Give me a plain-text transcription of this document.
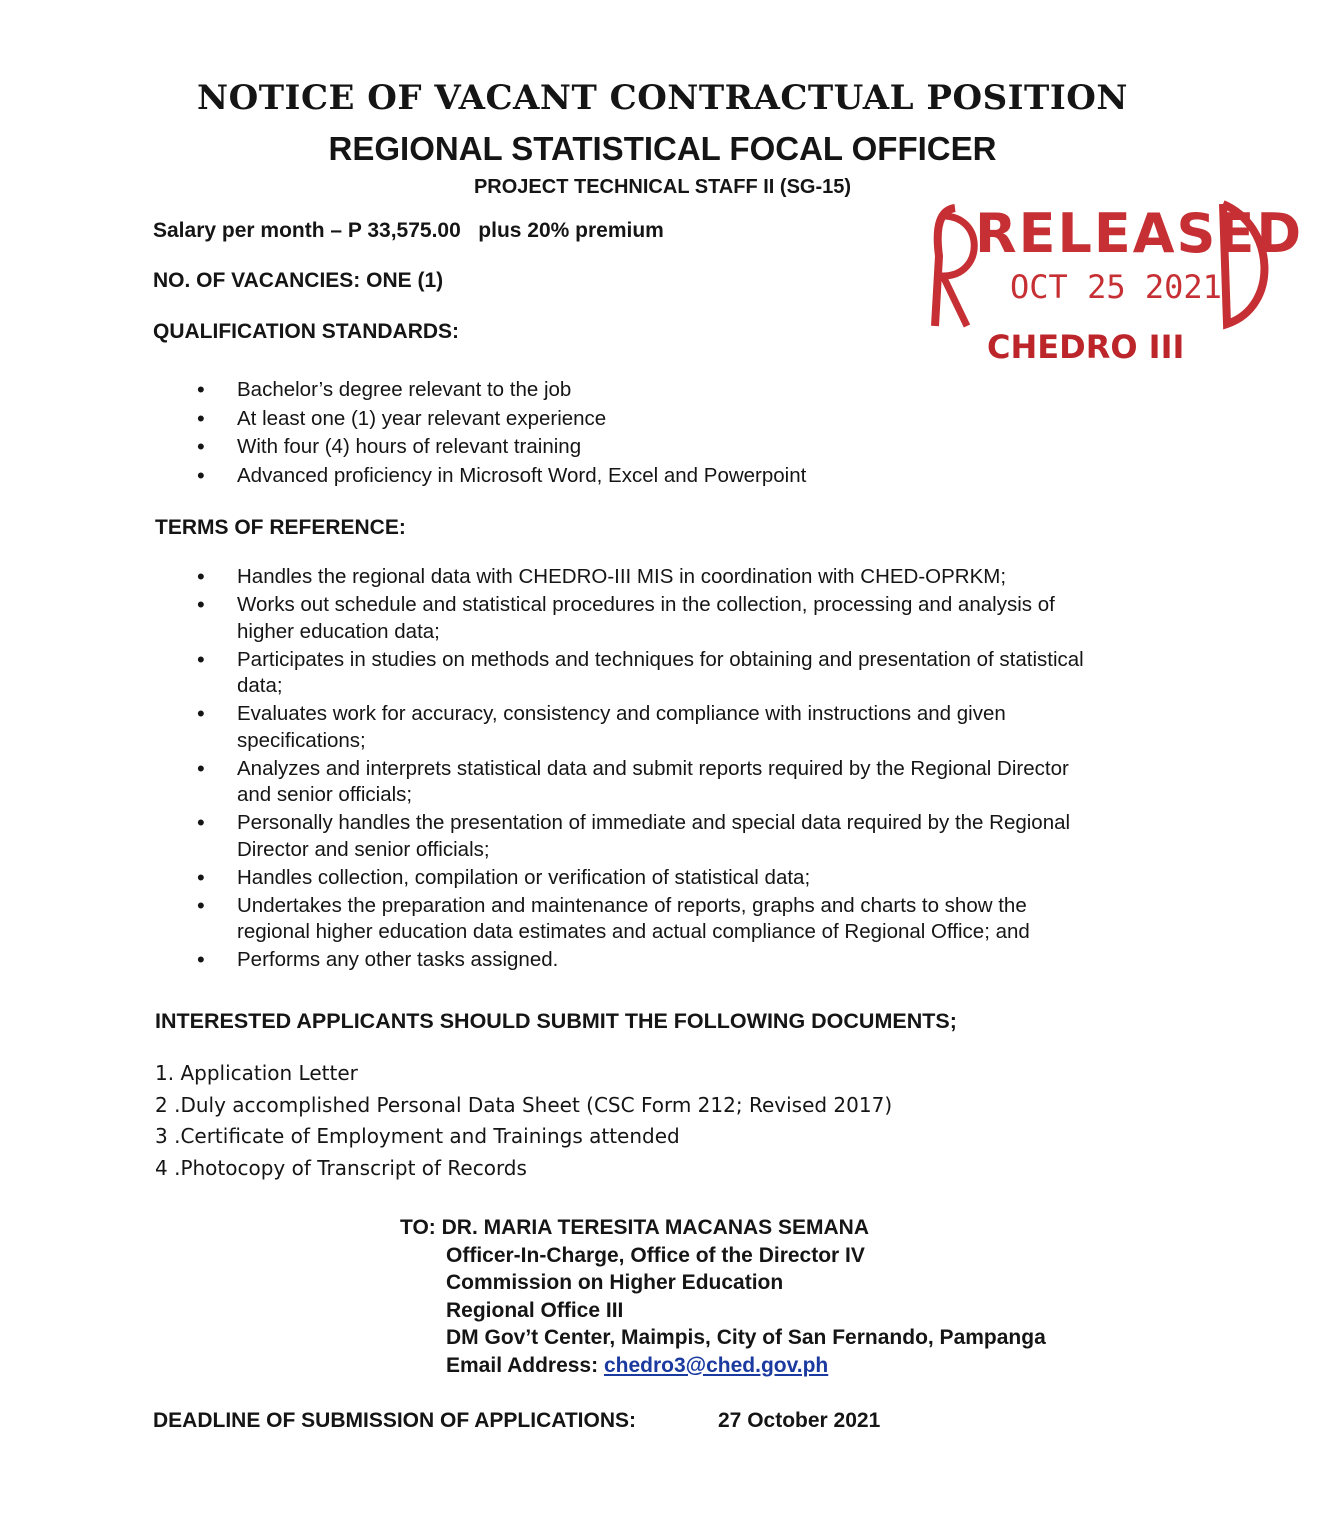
NOTICE OF VACANT CONTRACTUAL POSITION
REGIONAL STATISTICAL FOCAL OFFICER
PROJECT TECHNICAL STAFF II (SG-15)
Salary per month – P 33,575.00 plus 20% premium
NO. OF VACANCIES: ONE (1)
RELEASED
OCT 25 2021
CHEDRO III
QUALIFICATION STANDARDS:
• Bachelor’s degree relevant to the job
• At least one (1) year relevant experience
• With four (4) hours of relevant training
• Advanced proficiency in Microsoft Word, Excel and Powerpoint
TERMS OF REFERENCE:
• Handles the regional data with CHEDRO-III MIS in coordination with CHED-OPRKM;
• Works out schedule and statistical procedures in the collection, processing and analysis of
higher education data;
• Participates in studies on methods and techniques for obtaining and presentation of statistical
data;
• Evaluates work for accuracy, consistency and compliance with instructions and given
specifications;
• Analyzes and interprets statistical data and submit reports required by the Regional Director
and senior officials;
• Personally handles the presentation of immediate and special data required by the Regional
Director and senior officials;
• Handles collection, compilation or verification of statistical data;
• Undertakes the preparation and maintenance of reports, graphs and charts to show the
regional higher education data estimates and actual compliance of Regional Office; and
• Performs any other tasks assigned.
INTERESTED APPLICANTS SHOULD SUBMIT THE FOLLOWING DOCUMENTS;
1. Application Letter
2 .Duly accomplished Personal Data Sheet (CSC Form 212; Revised 2017)
3 .Certificate of Employment and Trainings attended
4 .Photocopy of Transcript of Records
TO: DR. MARIA TERESITA MACANAS SEMANA
Officer-In-Charge, Office of the Director IV
Commission on Higher Education
Regional Office III
DM Gov’t Center, Maimpis, City of San Fernando, Pampanga
Email Address: chedro3@ched.gov.ph
DEADLINE OF SUBMISSION OF APPLICATIONS:	27 October 2021
